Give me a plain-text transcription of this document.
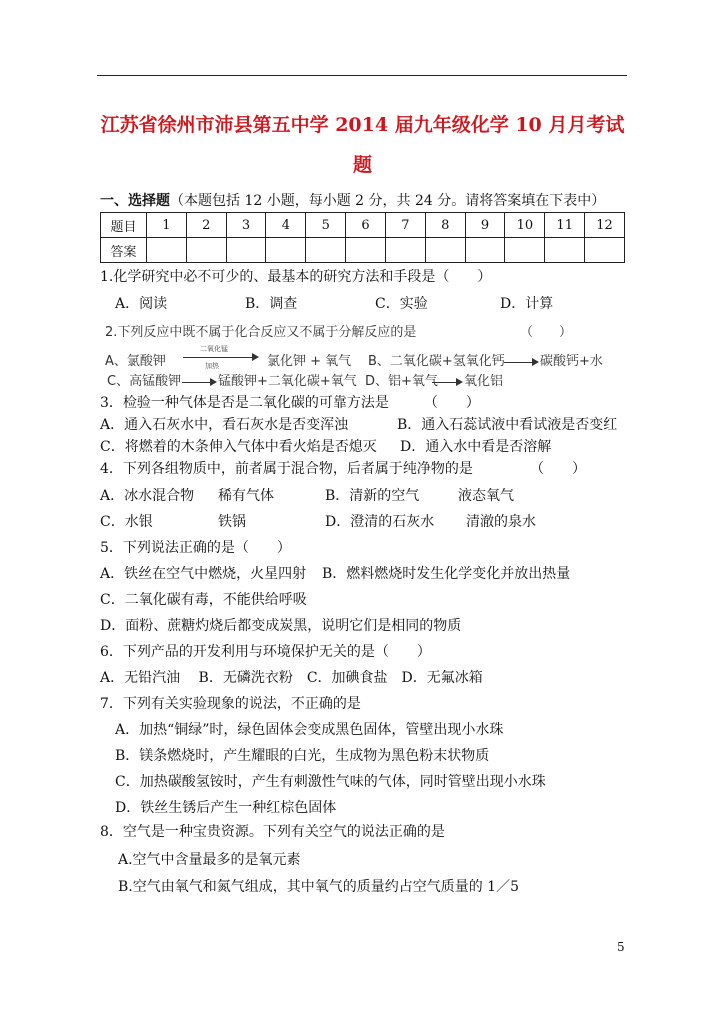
江苏省徐州市沛县第五中学 2014 届九年级化学 10 月月考试
题
一、选择题（本题包括 12 小题，每小题 2 分，共 24 分。请将答案填在下表中）
题目	1	2	3	4	5	6	7	8	9	10	11	12
答案												
1.化学研究中必不可少的、最基本的研究方法和手段是（　　）
A．阅读	B．调查	C．实验	D．计算
2.下列反应中既不属于化合反应又不属于分解反应的是	（　　）
A、氯酸钾
二氧化锰
加热	氯化钾 + 氧气 B、二氧化碳+氢氧化钙	碳酸钙+水
C、高锰酸钾	锰酸钾+二氧化碳+氧气 D、铝+氧气 氧化铝
3．检验一种气体是否是二氧化碳的可靠方法是　　　（　　）
A．通入石灰水中，看石灰水是否变浑浊	B．通入石蕊试液中看试液是否变红
C．将燃着的木条伸入气体中看火焰是否熄灭 D．通入水中看是否溶解
4．下列各组物质中，前者属于混合物，后者属于纯净物的是	（　　）
A．冰水混合物 稀有气体	B．清新的空气	液态氧气
C．水银	铁锅	D．澄清的石灰水 清澈的泉水
5．下列说法正确的是（　　）
A．铁丝在空气中燃烧，火星四射 B．燃料燃烧时发生化学变化并放出热量
C．二氧化碳有毒，不能供给呼吸
D．面粉、蔗糖灼烧后都变成炭黑，说明它们是相同的物质
6．下列产品的开发利用与环境保护无关的是（　　）
A．无铅汽油　 B．无磷洗衣粉　C．加碘食盐　D．无氟冰箱
7．下列有关实验现象的说法，不正确的是
A．加热“铜绿”时，绿色固体会变成黑色固体，管壁出现小水珠
B．镁条燃烧时，产生耀眼的白光，生成物为黑色粉末状物质
C．加热碳酸氢铵时，产生有刺激性气味的气体，同时管壁出现小水珠
D．铁丝生锈后产生一种红棕色固体
8．空气是一种宝贵资源。下列有关空气的说法正确的是
A.空气中含量最多的是氧元素
B.空气由氧气和氮气组成，其中氧气的质量约占空气质量的 1／5
5
